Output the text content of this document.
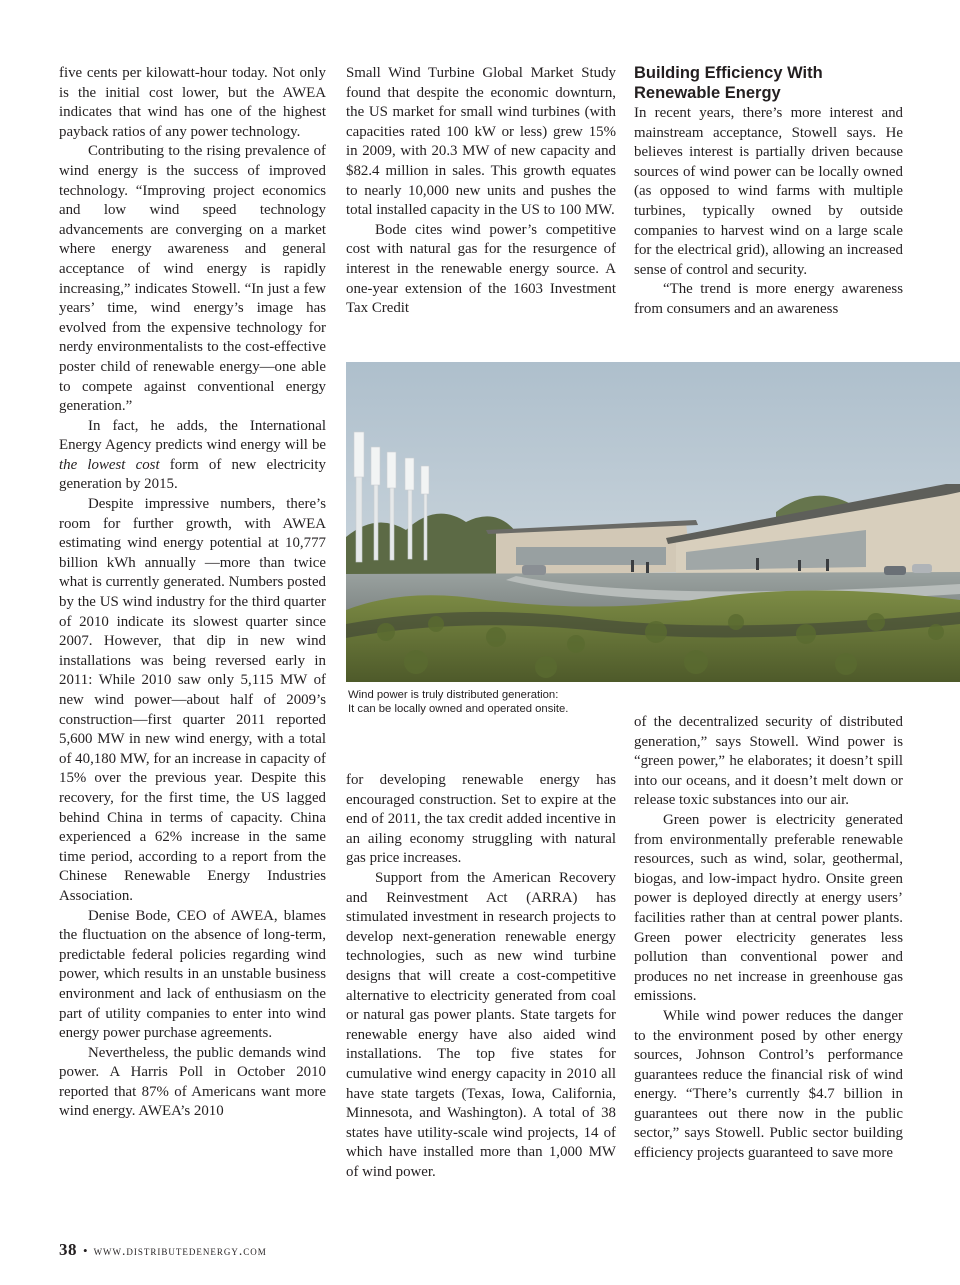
five cents per kilowatt-hour today. Not only is the initial cost lower, but the AWEA indicates that wind has one of the highest payback ratios of any power technology.

Contributing to the rising prevalence of wind energy is the success of improved technology. “Improving project economics and low wind speed technology advancements are converging on a market where energy awareness and general acceptance of wind energy is rapidly increasing,” indicates Stowell. “In just a few years’ time, wind energy’s image has evolved from the expensive technology for nerdy environmentalists to the cost-effective poster child of renewable energy—one able to compete against conventional energy generation.”

In fact, he adds, the International Energy Agency predicts wind energy will be the lowest cost form of new electricity generation by 2015.

Despite impressive numbers, there’s room for further growth, with AWEA estimating wind energy potential at 10,777 billion kWh annually —more than twice what is currently generated. Numbers posted by the US wind industry for the third quarter of 2010 indicate its slowest quarter since 2007. However, that dip in new wind installations was being reversed early in 2011: While 2010 saw only 5,115 MW of new wind power—about half of 2009’s construction—first quarter 2011 reported 5,600 MW in new wind energy, with a total of 40,180 MW, for an increase in capacity of 15% over the previous year. Despite this recovery, for the first time, the US lagged behind China in terms of capacity. China experienced a 62% increase in the same time period, according to a report from the Chinese Renewable Energy Industries Association.

Denise Bode, CEO of AWEA, blames the fluctuation on the absence of long-term, predictable federal policies regarding wind power, which results in an unstable business environment and lack of enthusiasm on the part of utility companies to enter into wind energy power purchase agreements.

Nevertheless, the public demands wind power. A Harris Poll in October 2010 reported that 87% of Americans want more wind energy. AWEA’s 2010

Small Wind Turbine Global Market Study found that despite the economic downturn, the US market for small wind turbines (with capacities rated 100 kW or less) grew 15% in 2009, with 20.3 MW of new capacity and $82.4 million in sales. This growth equates to nearly 10,000 new units and pushes the total installed capacity in the US to 100 MW.

Bode cites wind power’s competitive cost with natural gas for the resurgence of interest in the renewable energy source. A one-year extension of the 1603 Investment Tax Credit

Building Efficiency With
Renewable Energy

In recent years, there’s more interest and mainstream acceptance, Stowell says. He believes interest is partially driven because sources of wind power can be locally owned (as opposed to wind farms with multiple turbines, typically owned by outside companies to harvest wind on a large scale for the electrical grid), allowing an increased sense of control and security.

“The trend is more energy awareness from consumers and an awareness

Wind power is truly distributed generation:
It can be locally owned and operated onsite.

of the decentralized security of distributed generation,” says Stowell. Wind power is “green power,” he elaborates; it doesn’t spill into our oceans, and it doesn’t melt down or release toxic substances into our air.

Green power is electricity generated from environmentally preferable renewable resources, such as wind, solar, geothermal, biogas, and low-impact hydro. Onsite green power is deployed directly at energy users’ facilities rather than at central power plants. Green power electricity generates less pollution than conventional power and produces no net increase in greenhouse gas emissions.

While wind power reduces the danger to the environment posed by other energy sources, Johnson Control’s performance guarantees reduce the financial risk of wind energy. “There’s currently $4.7 billion in guarantees out there now in the public sector,” says Stowell. Public sector building efficiency projects guaranteed to save more

for developing renewable energy has encouraged construction. Set to expire at the end of 2011, the tax credit added incentive in an ailing economy struggling with natural gas price increases.

Support from the American Recovery and Reinvestment Act (ARRA) has stimulated investment in research projects to develop next-generation renewable energy technologies, such as new wind turbine designs that will create a cost-competitive alternative to electricity generated from coal or natural gas power plants. State targets for renewable energy have also aided wind installations. The top five states for cumulative wind energy capacity in 2010 all have state targets (Texas, Iowa, California, Minnesota, and Washington). A total of 38 states have utility-scale wind projects, 14 of which have installed more than 1,000 MW of wind power.

38 • www.distributedenergy.com
